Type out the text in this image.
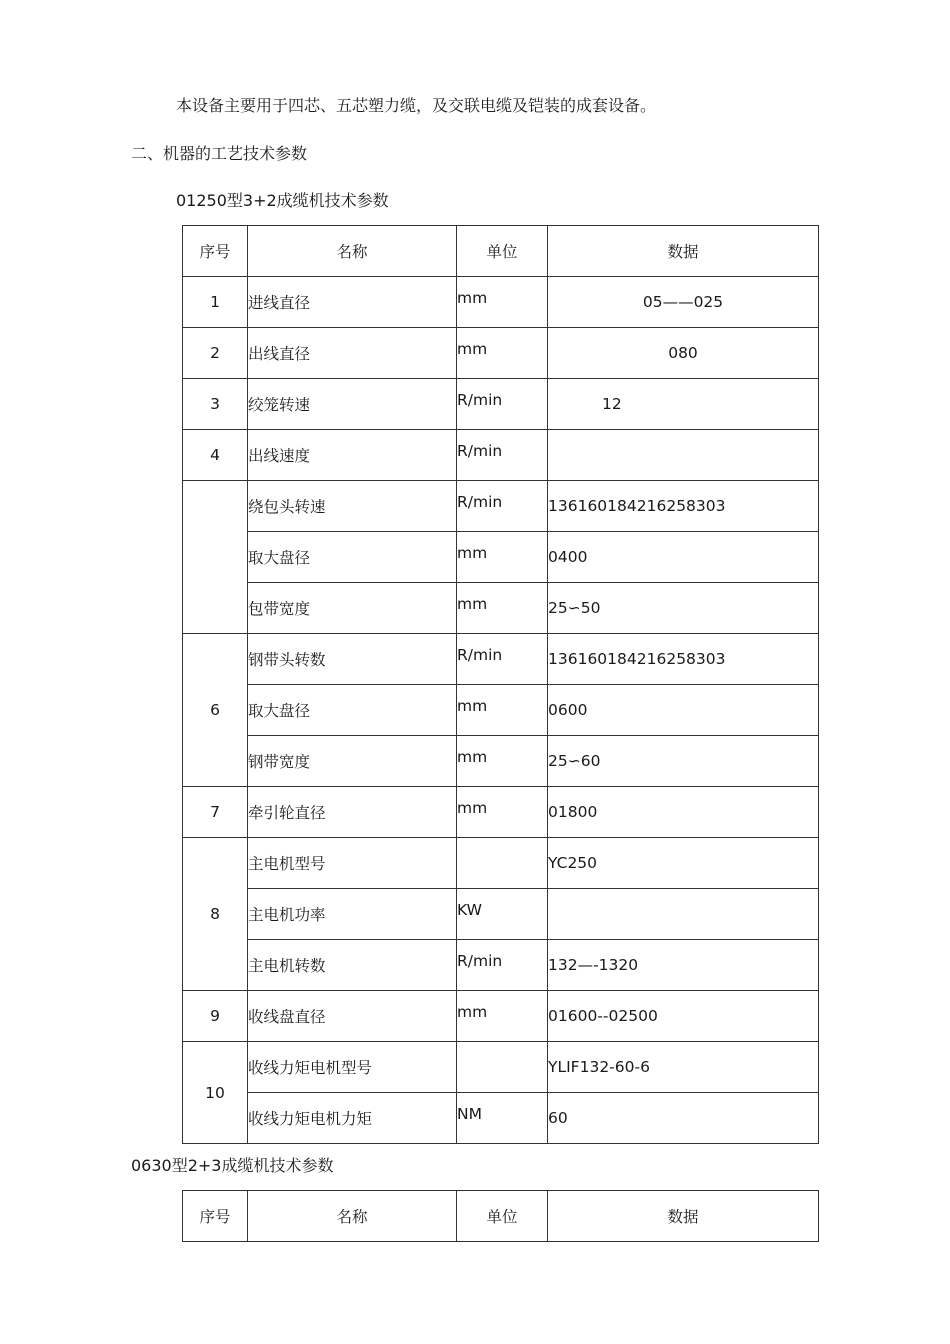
本设备主要用于四芯、五芯塑力缆，及交联电缆及铠装的成套设备。
二、机器的工艺技术参数
01250型3+2成缆机技术参数
序号	名称	单位	数据
1	进线直径	mm	05——025
2	出线直径	mm	080
3	绞笼转速	R/min	12
4	出线速度	R/min	
	绕包头转速	R/min	136160184216258303
	取大盘径	mm	0400
	包带宽度	mm	25∽50
6	钢带头转数	R/min	136160184216258303
	取大盘径	mm	0600
	钢带宽度	mm	25∽60
7	牵引轮直径	mm	01800
8	主电机型号		YC250
	主电机功率	KW	
	主电机转数	R/min	132—-1320
9	收线盘直径	mm	01600‑-02500
10	收线力矩电机型号		YLIF132-60-6
	收线力矩电机力矩	NM	60
0630型2+3成缆机技术参数
序号	名称	单位	数据
